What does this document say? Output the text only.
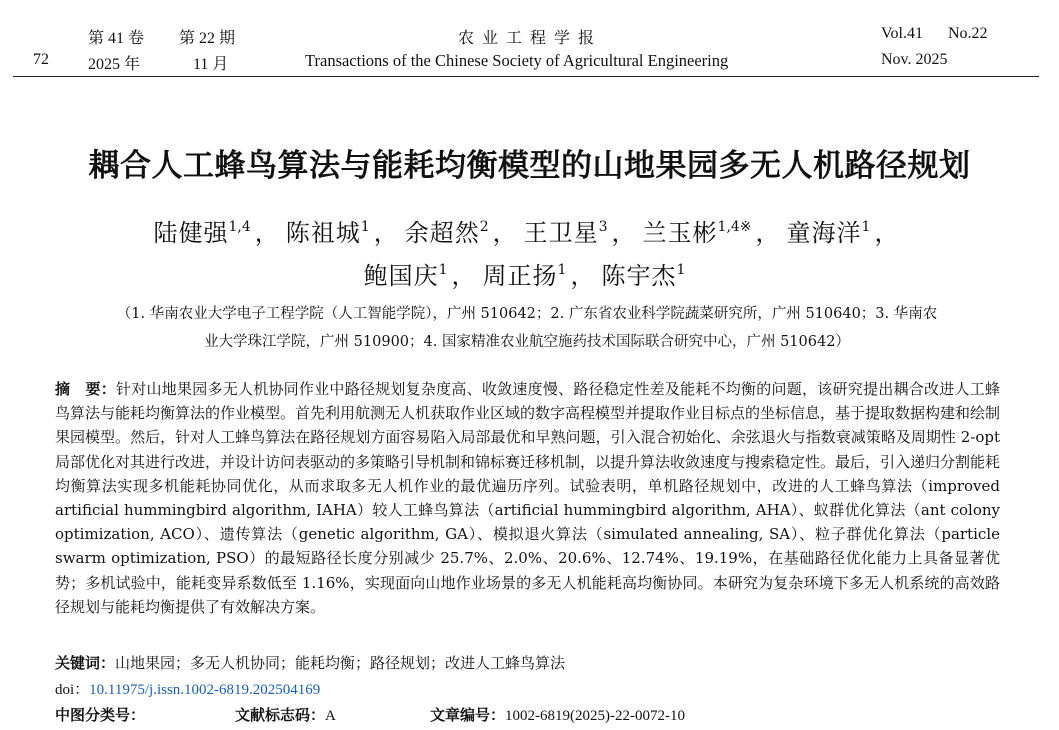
第 41 卷 第 22 期	农 业 工 程 学 报	Vol.41 No.22
72 2025 年	11 月	Transactions of the Chinese Society of Agricultural Engineering	Nov. 2025
耦合人工蜂鸟算法与能耗均衡模型的山地果园多无人机路径规划
陆健强$^{1,4}$ ， 陈祖城$^1$ ， 余超然$^2$ ， 王卫星$^3$ ， 兰玉彬$^{1,4※}$ ， 童海洋$^1$ ，
鲍国庆$^1$ ， 周正扬$^1$ ， 陈宇杰$^1$
（1. 华南农业大学电子工程学院（人工智能学院），广州 510642；2. 广东省农业科学院蔬菜研究所，广州 510640；3. 华南农
业大学珠江学院，广州 510900；4. 国家精准农业航空施药技术国际联合研究中心，广州 510642）
摘　要：针对山地果园多无人机协同作业中路径规划复杂度高、收敛速度慢、路径稳定性差及能耗不均衡的问题，该研究提出耦合改进人工蜂鸟算法与能耗均衡算法的作业模型。首先利用航测无人机获取作业区域的数字高程模型并提取作业目标点的坐标信息，基于提取数据构建和绘制果园模型。然后，针对人工蜂鸟算法在路径规划方面容易陷入局部最优和早熟问题，引入混合初始化、余弦退火与指数衰减策略及周期性 2-opt 局部优化对其进行改进，并设计访问表驱动的多策略引导机制和锦标赛迁移机制，以提升算法收敛速度与搜索稳定性。最后，引入递归分割能耗均衡算法实现多机能耗协同优化，从而求取多无人机作业的最优遍历序列。试验表明，单机路径规划中，改进的人工蜂鸟算法（improved artificial hummingbird algorithm, IAHA）较人工蜂鸟算法（artificial hummingbird algorithm, AHA）、蚁群优化算法（ant colony optimization, ACO）、遗传算法（genetic algorithm, GA）、模拟退火算法（simulated annealing, SA）、粒子群优化算法（particle swarm optimization, PSO）的最短路径长度分别减少 25.7%、2.0%、20.6%、12.74%、19.19%，在基础路径优化能力上具备显著优势；多机试验中，能耗变异系数低至 1.16%，实现面向山地作业场景的多无人机能耗高均衡协同。本研究为复杂环境下多无人机系统的高效路径规划与能耗均衡提供了有效解决方案。
关键词：山地果园；多无人机协同；能耗均衡；路径规划；改进人工蜂鸟算法
doi：10.11975/j.issn.1002-6819.202504169
中图分类号：	文献标志码：A	文章编号：1002-6819(2025)-22-0072-10
